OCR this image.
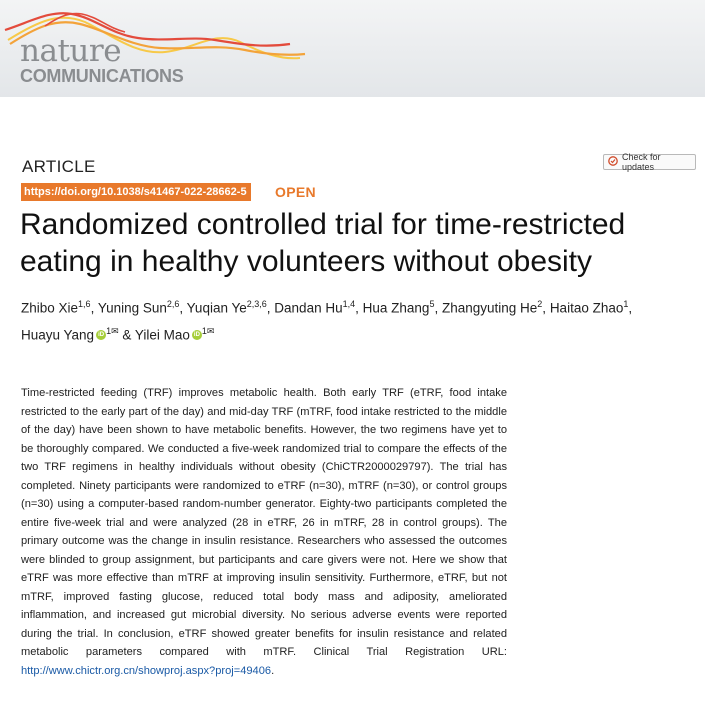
nature
COMMUNICATIONS
ARTICLE	Check for updates
https://doi.org/10.1038/s41467-022-28662-5	OPEN
Randomized controlled trial for time-restricted eating in healthy volunteers without obesity
Zhibo Xie$^{1,6}$, Yuning Sun$^{2,6}$, Yuqian Ye$^{2,3,6}$, Dandan Hu$^{1,4}$, Hua Zhang$^5$, Zhangyuting He$^2$, Haitao Zhao$^1$,
Huayu Yang iD $^{1✉}$ & Yilei Mao iD $^{1✉}$
Time-restricted feeding (TRF) improves metabolic health. Both early TRF (eTRF, food intake restricted to the early part of the day) and mid-day TRF (mTRF, food intake restricted to the middle of the day) have been shown to have metabolic benefits. However, the two regimens have yet to be thoroughly compared. We conducted a five-week randomized trial to compare the effects of the two TRF regimens in healthy individuals without obesity (ChiCTR2000029797). The trial has completed. Ninety participants were randomized to eTRF (n=30), mTRF (n=30), or control groups (n=30) using a computer-based random-number generator. Eighty-two participants completed the entire five-week trial and were analyzed (28 in eTRF, 26 in mTRF, 28 in control groups). The primary outcome was the change in insulin resistance. Researchers who assessed the outcomes were blinded to group assignment, but participants and care givers were not. Here we show that eTRF was more effective than mTRF at improving insulin sensitivity. Furthermore, eTRF, but not mTRF, improved fasting glucose, reduced total body mass and adiposity, ameliorated inflammation, and increased gut microbial diversity. No serious adverse events were reported during the trial. In conclusion, eTRF showed greater benefits for insulin resistance and related metabolic parameters compared with mTRF. Clinical Trial Registration URL: http://www.chictr.org.cn/showproj.aspx?proj=49406.
